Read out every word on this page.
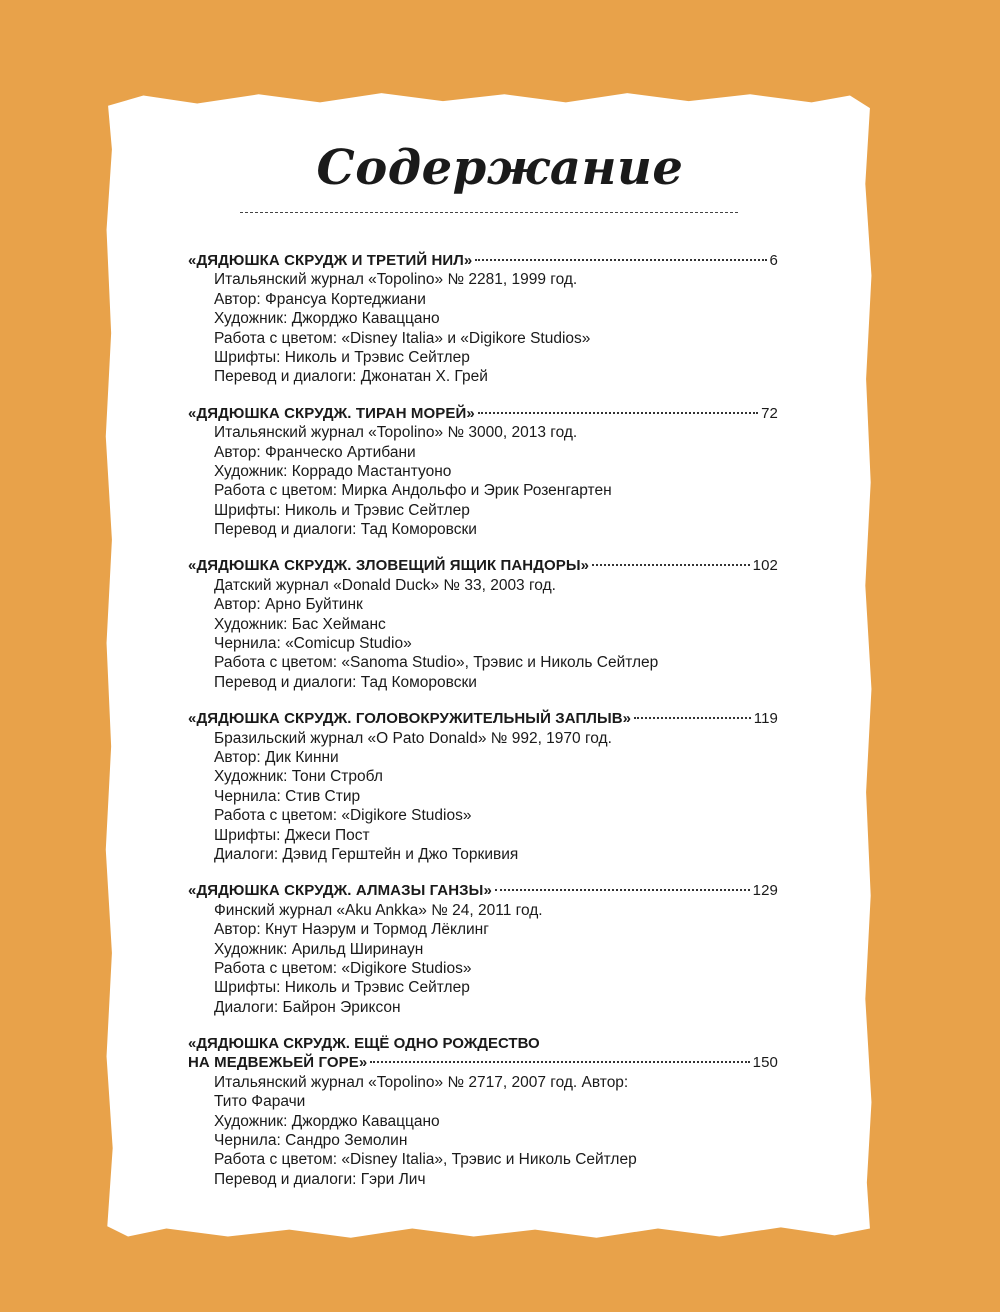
Содержание
«ДЯДЮШКА СКРУДЖ И ТРЕТИЙ НИЛ»	6
Итальянский журнал «Topolino» № 2281, 1999 год.
Автор: Франсуа Кортеджиани
Художник: Джорджо Каваццано
Работа с цветом: «Disney Italia» и «Digikore Studios»
Шрифты: Николь и Трэвис Сейтлер
Перевод и диалоги: Джонатан Х. Грей
«ДЯДЮШКА СКРУДЖ. ТИРАН МОРЕЙ»	72
Итальянский журнал «Topolino» № 3000, 2013 год.
Автор: Франческо Артибани
Художник: Коррадо Мастантуоно
Работа с цветом: Мирка Андольфо и Эрик Розенгартен
Шрифты: Николь и Трэвис Сейтлер
Перевод и диалоги: Тад Коморовски
«ДЯДЮШКА СКРУДЖ. ЗЛОВЕЩИЙ ЯЩИК ПАНДОРЫ»	102
Датский журнал «Donald Duck» № 33, 2003 год.
Автор: Арно Буйтинк
Художник: Бас Хейманс
Чернила: «Comicup Studio»
Работа с цветом: «Sanoma Studio», Трэвис и Николь Сейтлер
Перевод и диалоги: Тад Коморовски
«ДЯДЮШКА СКРУДЖ. ГОЛОВОКРУЖИТЕЛЬНЫЙ ЗАПЛЫВ»	119
Бразильский журнал «O Pato Donald» № 992, 1970 год.
Автор: Дик Кинни
Художник: Тони Стробл
Чернила: Стив Стир
Работа с цветом: «Digikore Studios»
Шрифты: Джеси Пост
Диалоги: Дэвид Герштейн и Джо Торкивия
«ДЯДЮШКА СКРУДЖ. АЛМАЗЫ ГАНЗЫ»	129
Финский журнал «Aku Ankka» № 24, 2011 год.
Автор: Кнут Наэрум и Тормод Лёклинг
Художник: Арильд Ширинаун
Работа с цветом: «Digikore Studios»
Шрифты: Николь и Трэвис Сейтлер
Диалоги: Байрон Эриксон
«ДЯДЮШКА СКРУДЖ. ЕЩЁ ОДНО РОЖДЕСТВО
НА МЕДВЕЖЬЕЙ ГОРЕ»	150
Итальянский журнал «Topolino» № 2717, 2007 год. Автор:
Тито Фарачи
Художник: Джорджо Каваццано
Чернила: Сандро Земолин
Работа с цветом: «Disney Italia», Трэвис и Николь Сейтлер
Перевод и диалоги: Гэри Лич
